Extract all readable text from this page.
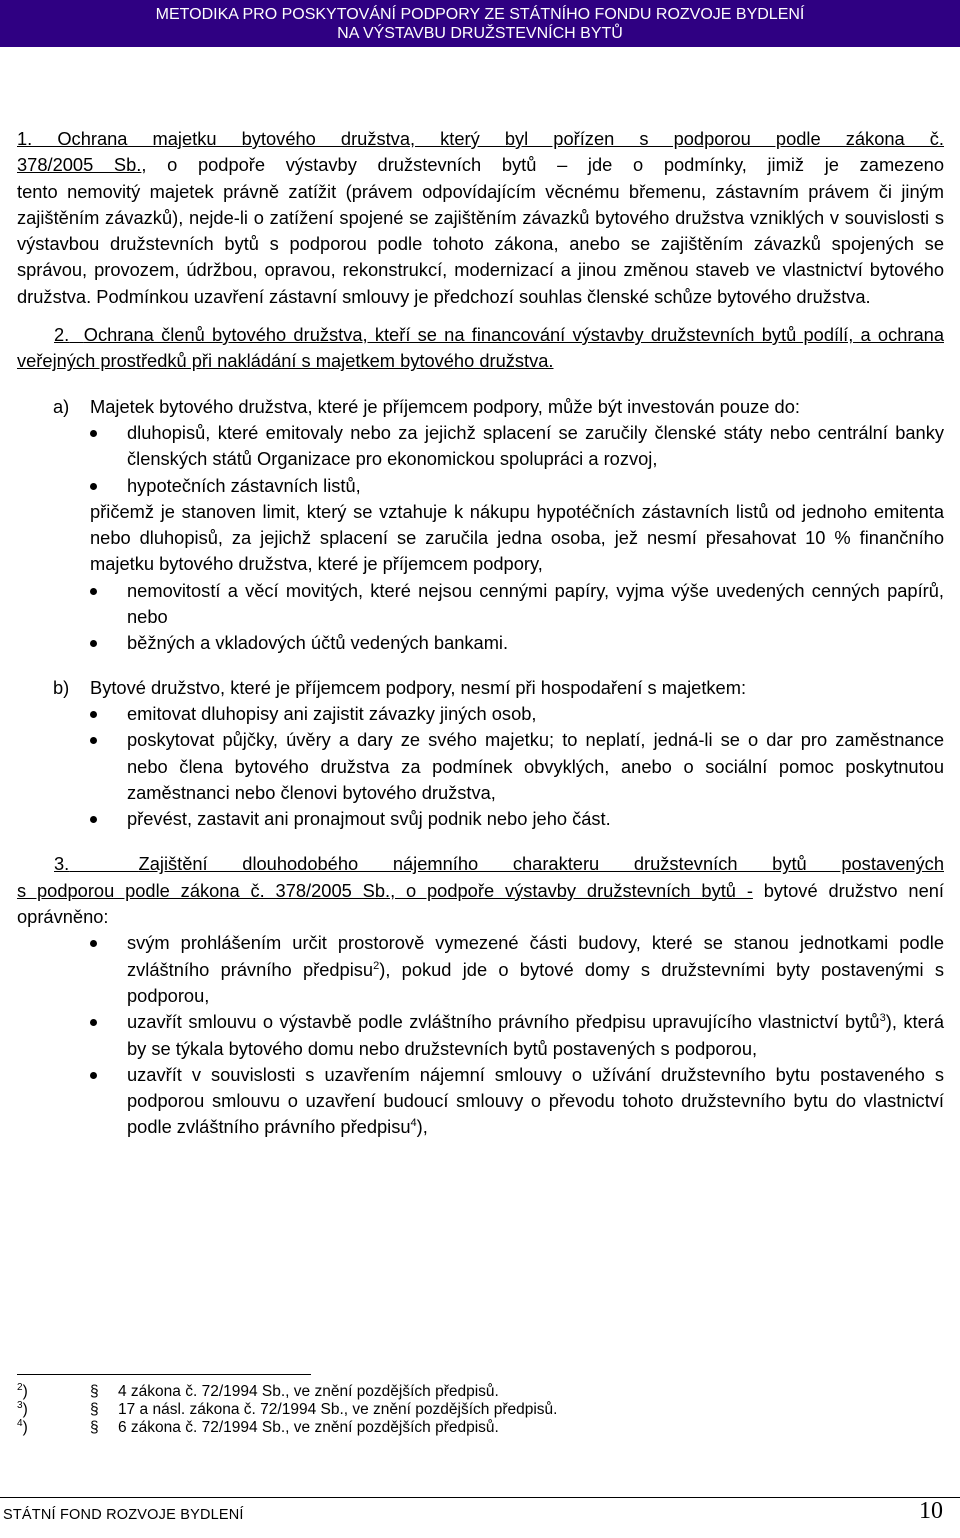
METODIKA PRO POSKYTOVÁNÍ PODPORY ZE STÁTNÍHO FONDU ROZVOJE BYDLENÍ
NA VÝSTAVBU DRUŽSTEVNÍCH BYTŮ
1. Ochrana majetku bytového družstva, který byl pořízen s podporou podle zákona č.
378/2005 Sb., o podpoře výstavby družstevních bytů – jde o podmínky, jimiž je zamezeno
tento nemovitý majetek právně zatížit (právem odpovídajícím věcnému břemenu, zástavním právem či jiným zajištěním závazků), nejde-li o zatížení spojené se zajištěním závazků bytového družstva vzniklých v souvislosti s výstavbou družstevních bytů s podporou podle tohoto zákona, anebo se zajištěním závazků spojených se správou, provozem, údržbou, opravou, rekonstrukcí, modernizací a jinou změnou staveb ve vlastnictví bytového družstva. Podmínkou uzavření zástavní smlouvy je předchozí souhlas členské schůze bytového družstva.
2. Ochrana členů bytového družstva, kteří se na financování výstavby družstevních bytů podílí, a ochrana veřejných prostředků při nakládání s majetkem bytového družstva.
a) Majetek bytového družstva, které je příjemcem podpory, může být investován pouze do:
dluhopisů, které emitovaly nebo za jejichž splacení se zaručily členské státy nebo centrální banky členských států Organizace pro ekonomickou spolupráci a rozvoj,
hypotečních zástavních listů,
přičemž je stanoven limit, který se vztahuje k nákupu hypotéčních zástavních listů od jednoho emitenta nebo dluhopisů, za jejichž splacení se zaručila jedna osoba, jež nesmí přesahovat 10 % finančního majetku bytového družstva, které je příjemcem podpory,
nemovitostí a věcí movitých, které nejsou cennými papíry, vyjma výše uvedených cenných papírů, nebo
běžných a vkladových účtů vedených bankami.
b) Bytové družstvo, které je příjemcem podpory, nesmí při hospodaření s majetkem:
emitovat dluhopisy ani zajistit závazky jiných osob,
poskytovat půjčky, úvěry a dary ze svého majetku; to neplatí, jedná-li se o dar pro zaměstnance nebo člena bytového družstva za podmínek obvyklých, anebo o sociální pomoc poskytnutou zaměstnanci nebo členovi bytového družstva,
převést, zastavit ani pronajmout svůj podnik nebo jeho část.
3.	Zajištění dlouhodobého nájemního charakteru družstevních bytů postavených
s podporou podle zákona č. 378/2005 Sb., o podpoře výstavby družstevních bytů - bytové družstvo není oprávněno:
svým prohlášením určit prostorově vymezené části budovy, které se stanou jednotkami podle zvláštního právního předpisu$^2$), pokud jde o bytové domy s družstevními byty postavenými s podporou,
uzavřít smlouvu o výstavbě podle zvláštního právního předpisu upravujícího vlastnictví bytů$^3$), která by se týkala bytového domu nebo družstevních bytů postavených s podporou,
uzavřít v souvislosti s uzavřením nájemní smlouvy o užívání družstevního bytu postaveného s podporou smlouvu o uzavření budoucí smlouvy o převodu tohoto družstevního bytu do vlastnictví podle zvláštního právního předpisu$^4$),
$^2$)	§ 4 zákona č. 72/1994 Sb., ve znění pozdějších předpisů.
$^3$)	§ 17 a násl. zákona č. 72/1994 Sb., ve znění pozdějších předpisů.
$^4$)	§ 6 zákona č. 72/1994 Sb., ve znění pozdějších předpisů.
STÁTNÍ FOND ROZVOJE BYDLENÍ	10
